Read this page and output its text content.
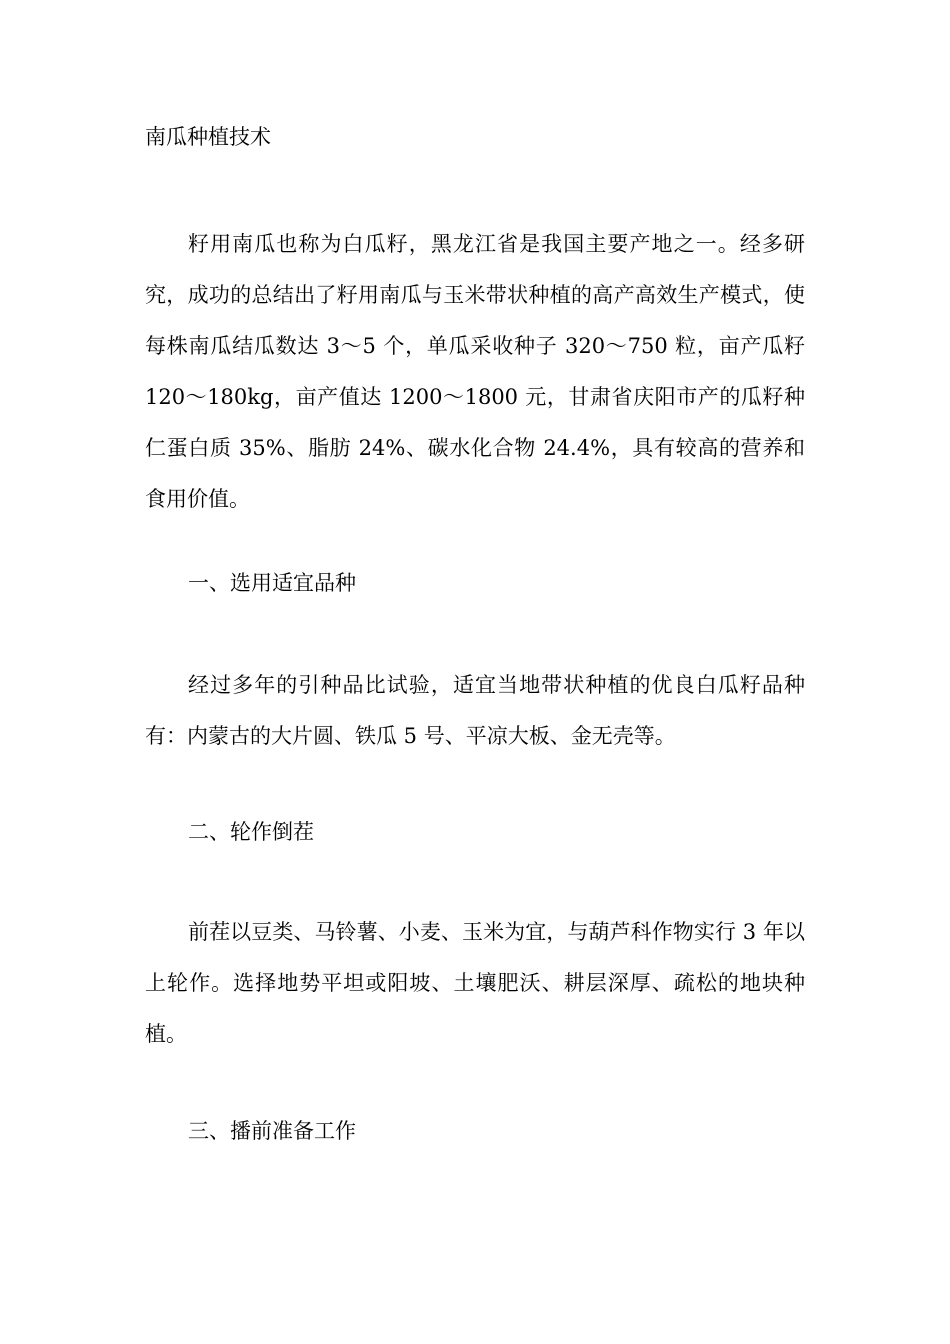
南瓜种植技术

籽用南瓜也称为白瓜籽，黑龙江省是我国主要产地之一。经多研究，成功的总结出了籽用南瓜与玉米带状种植的高产高效生产模式，使每株南瓜结瓜数达 3～5 个，单瓜采收种子 320～750 粒，亩产瓜籽120～180kg，亩产值达 1200～1800 元，甘肃省庆阳市产的瓜籽种仁蛋白质 35%、脂肪 24%、碳水化合物 24.4%，具有较高的营养和食用价值。

一、选用适宜品种

经过多年的引种品比试验，适宜当地带状种植的优良白瓜籽品种有：内蒙古的大片圆、铁瓜 5 号、平凉大板、金无壳等。

二、轮作倒茬

前茬以豆类、马铃薯、小麦、玉米为宜，与葫芦科作物实行 3 年以上轮作。选择地势平坦或阳坡、土壤肥沃、耕层深厚、疏松的地块种植。

三、播前准备工作
